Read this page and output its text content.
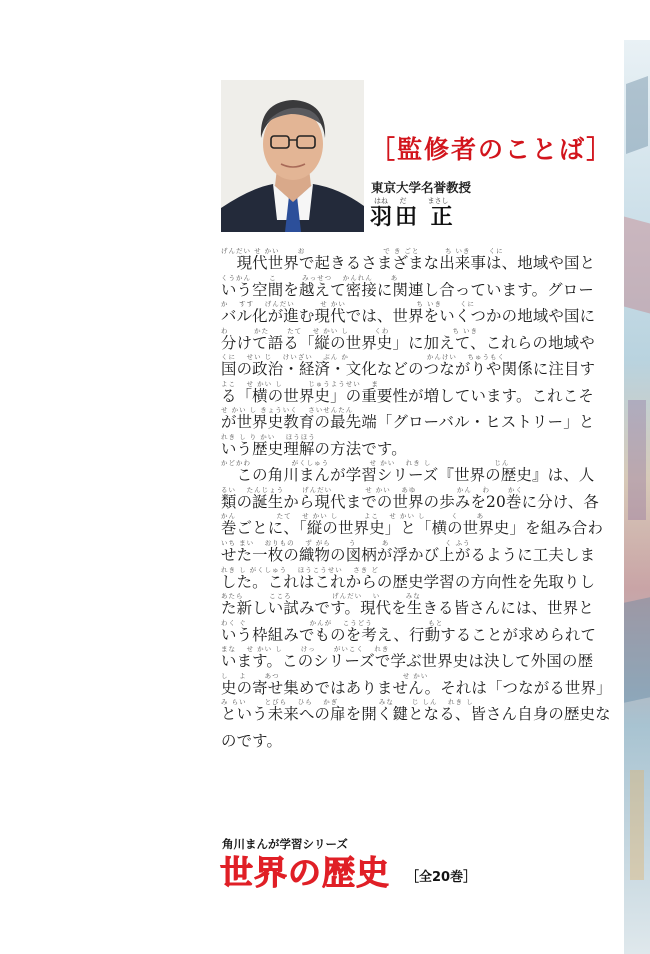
［監修者のことば］
東京大学名誉教授
はね	だ	まさし
羽田 正
げんだい せ かい　　 お　　　　　　　　　　 で き ごと　　　 ち いき　　 くに
　現代世界で起きるさまざまな出来事は、地域や国と
くうかん　　 こ　　　 みっせつ　 かんれん　　 あ
いう空間を越えて密接に関連し合っています。グロー
か　 すす　 げんだい　　　 せ かい　　　　　　　　　 ち いき　　 くに
バル化が進む現代では、世界をいくつかの地域や国に
わ　　　 かた　　 たて　 せ かい し　　　 くわ　　　　　　　　 ち いき
分けて語る「縦の世界史」に加えて、これらの地域や
くに　 せい じ　 けいざい　 ぶん か　　　　　　　　　　 かんけい　 ちゅうもく
国の政治・経済・文化などのつながりや関係に注目す
よこ　 せ かい し　　　 じゅうようせい　 ま
る「横の世界史」の重要性が増しています。これこそ
せ かい し きょういく　 さいせんたん
が世界史教育の最先端「グローバル・ヒストリー」と
れき し り かい　 ほうほう
いう歴史理解の方法です。
かどかわ　　　　　 がくしゅう　　　　　 せ かい　 れき し　　　　　　　　 じん
　この角川まんが学習シリーズ『世界の歴史』は、人
るい　 たんじょう　　 げんだい　　　　 せ かい　 あゆ　　　　　 かん　 わ　　 かく
類の誕生から現代までの世界の歩みを20巻に分け、各
かん　　　　　 たて　 せ かい し　　　 よこ　 せ かい し　　　 く　　 あ
巻ごとに、「縦の世界史」と「横の世界史」を組み合わ
いち まい　 おりもの　 ず がら　　 う　　　 あ　　　　　　　 く ふう
せた一枚の織物の図柄が浮かび上がるように工夫しま
れき し がくしゅう　 ほうこうせい　 さき ど
した。これはこれからの歴史学習の方向性を先取りし
あたら　　　 こころ　　　　　 げんだい　 い　　　 みな
た新しい試みです。現代を生きる皆さんには、世界と
わく ぐ　　　　　　　　 かんが　 こうどう　　　　　　　 もと
いう枠組みでものを考え、行動することが求められて
まな　 せ かい し　　 けっ　　 がいこく　 れき
います。このシリーズで学ぶ世界史は決して外国の歴
し　 よ　　 あつ　　　　　　　　　　　　　　　　 せ かい
史の寄せ集めではありません。それは「つながる世界」
み らい　　 とびら　 ひら　 かぎ　　　　　 みな　　 じ しん　 れき し
という未来への扉を開く鍵となる、皆さん自身の歴史な
のです。
角川まんが学習シリーズ
世界の歴史 ［全20巻］
